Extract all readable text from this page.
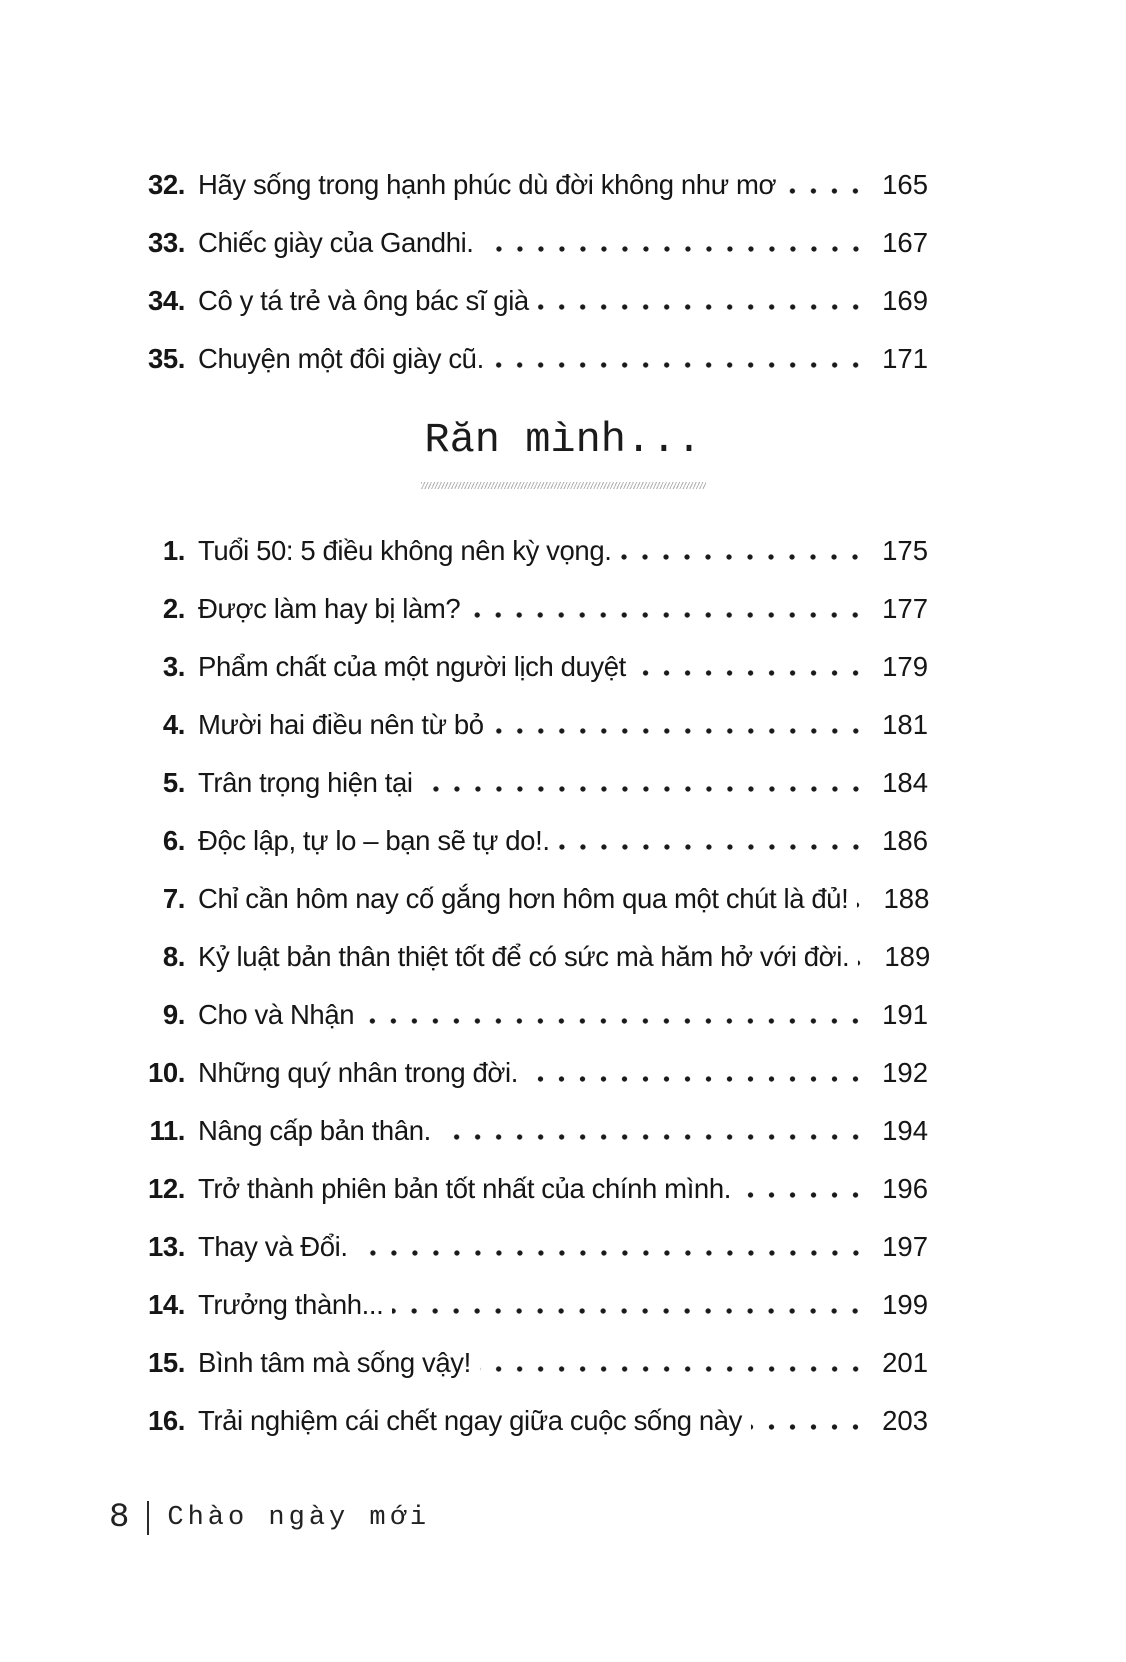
32. Hãy sống trong hạnh phúc dù đời không như mơ	165
33. Chiếc giày của Gandhi.	167
34. Cô y tá trẻ và ông bác sĩ già	169
35. Chuyện một đôi giày cũ.	171
Răn mình...
1. Tuổi 50: 5 điều không nên kỳ vọng.	175
2. Được làm hay bị làm?	177
3. Phẩm chất của một người lịch duyệt	179
4. Mười hai điều nên từ bỏ	181
5. Trân trọng hiện tại	184
6. Độc lập, tự lo – bạn sẽ tự do!.	186
7. Chỉ cần hôm nay cố gắng hơn hôm qua một chút là đủ! 188
8. Kỷ luật bản thân thiệt tốt để có sức mà hăm hở với đời. 189
9. Cho và Nhận	191
10. Những quý nhân trong đời.	192
11. Nâng cấp bản thân.	194
12. Trở thành phiên bản tốt nhất của chính mình.	196
13. Thay và Đổi.	197
14. Trưởng thành...	199
15. Bình tâm mà sống vậy!	201
16. Trải nghiệm cái chết ngay giữa cuộc sống này	203
8 Chào ngày mới
